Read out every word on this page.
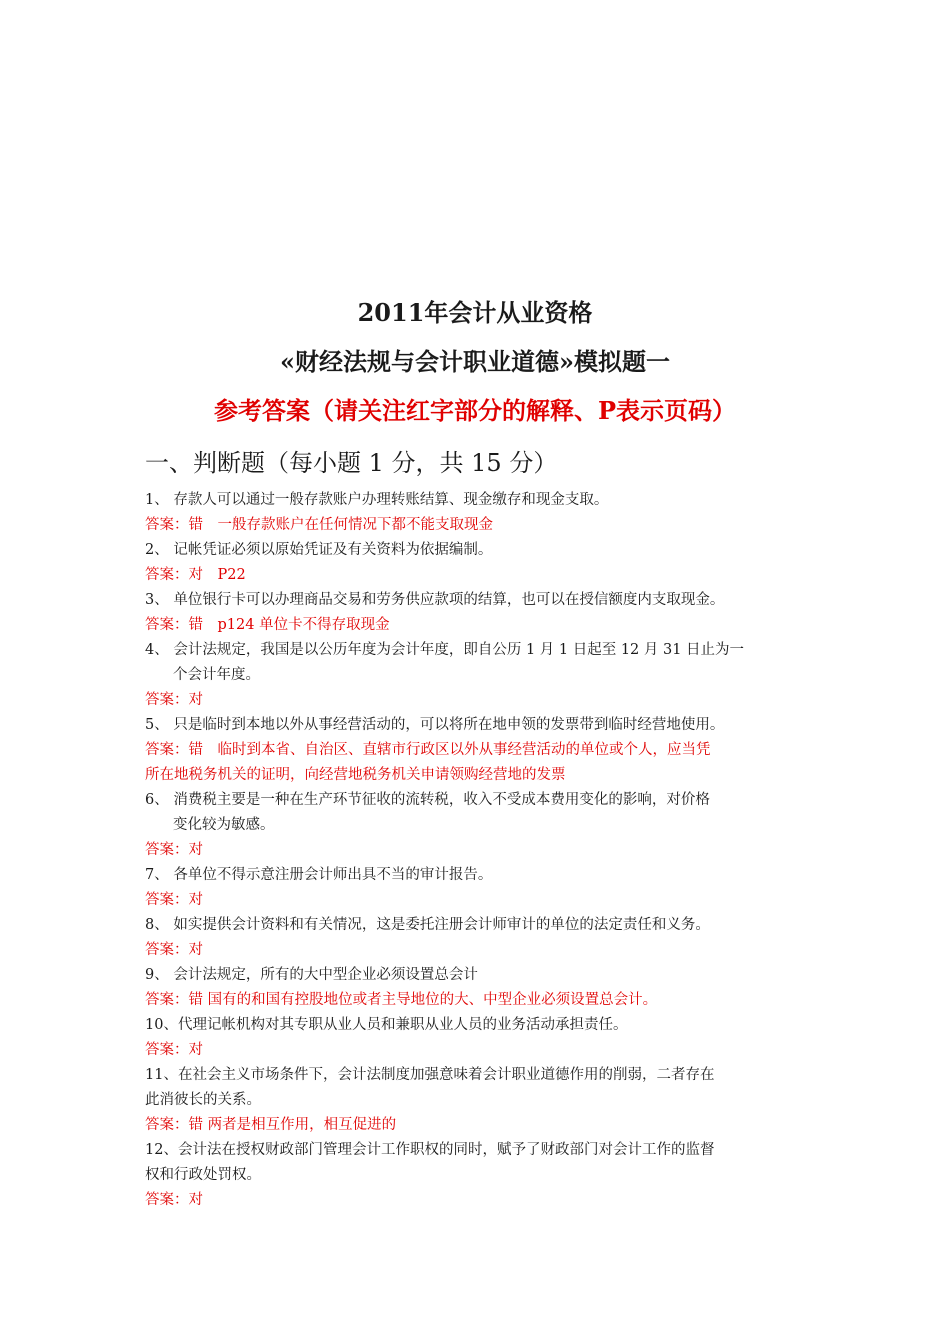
2011年会计从业资格
«财经法规与会计职业道德»模拟题一
参考答案（请关注红字部分的解释、P表示页码）
一、判断题（每小题 1 分，共 15 分）
1、 存款人可以通过一般存款账户办理转账结算、现金缴存和现金支取。
答案：错　一般存款账户在任何情况下都不能支取现金
2、 记帐凭证必须以原始凭证及有关资料为依据编制。
答案：对　P22
3、 单位银行卡可以办理商品交易和劳务供应款项的结算，也可以在授信额度内支取现金。
答案：错　p124 单位卡不得存取现金
4、 会计法规定，我国是以公历年度为会计年度，即自公历 1 月 1 日起至 12 月 31 日止为一
个会计年度。
答案：对
5、 只是临时到本地以外从事经营活动的，可以将所在地申领的发票带到临时经营地使用。
答案：错　临时到本省、自治区、直辖市行政区以外从事经营活动的单位或个人，应当凭
所在地税务机关的证明，向经营地税务机关申请领购经营地的发票
6、 消费税主要是一种在生产环节征收的流转税，收入不受成本费用变化的影响，对价格
变化较为敏感。
答案：对
7、 各单位不得示意注册会计师出具不当的审计报告。
答案：对
8、 如实提供会计资料和有关情况，这是委托注册会计师审计的单位的法定责任和义务。
答案：对
9、 会计法规定，所有的大中型企业必须设置总会计
答案：错 国有的和国有控股地位或者主导地位的大、中型企业必须设置总会计。
10、代理记帐机构对其专职从业人员和兼职从业人员的业务活动承担责任。
答案：对
11、在社会主义市场条件下，会计法制度加强意味着会计职业道德作用的削弱，二者存在
此消彼长的关系。
答案：错 两者是相互作用，相互促进的
12、会计法在授权财政部门管理会计工作职权的同时，赋予了财政部门对会计工作的监督
权和行政处罚权。
答案：对
